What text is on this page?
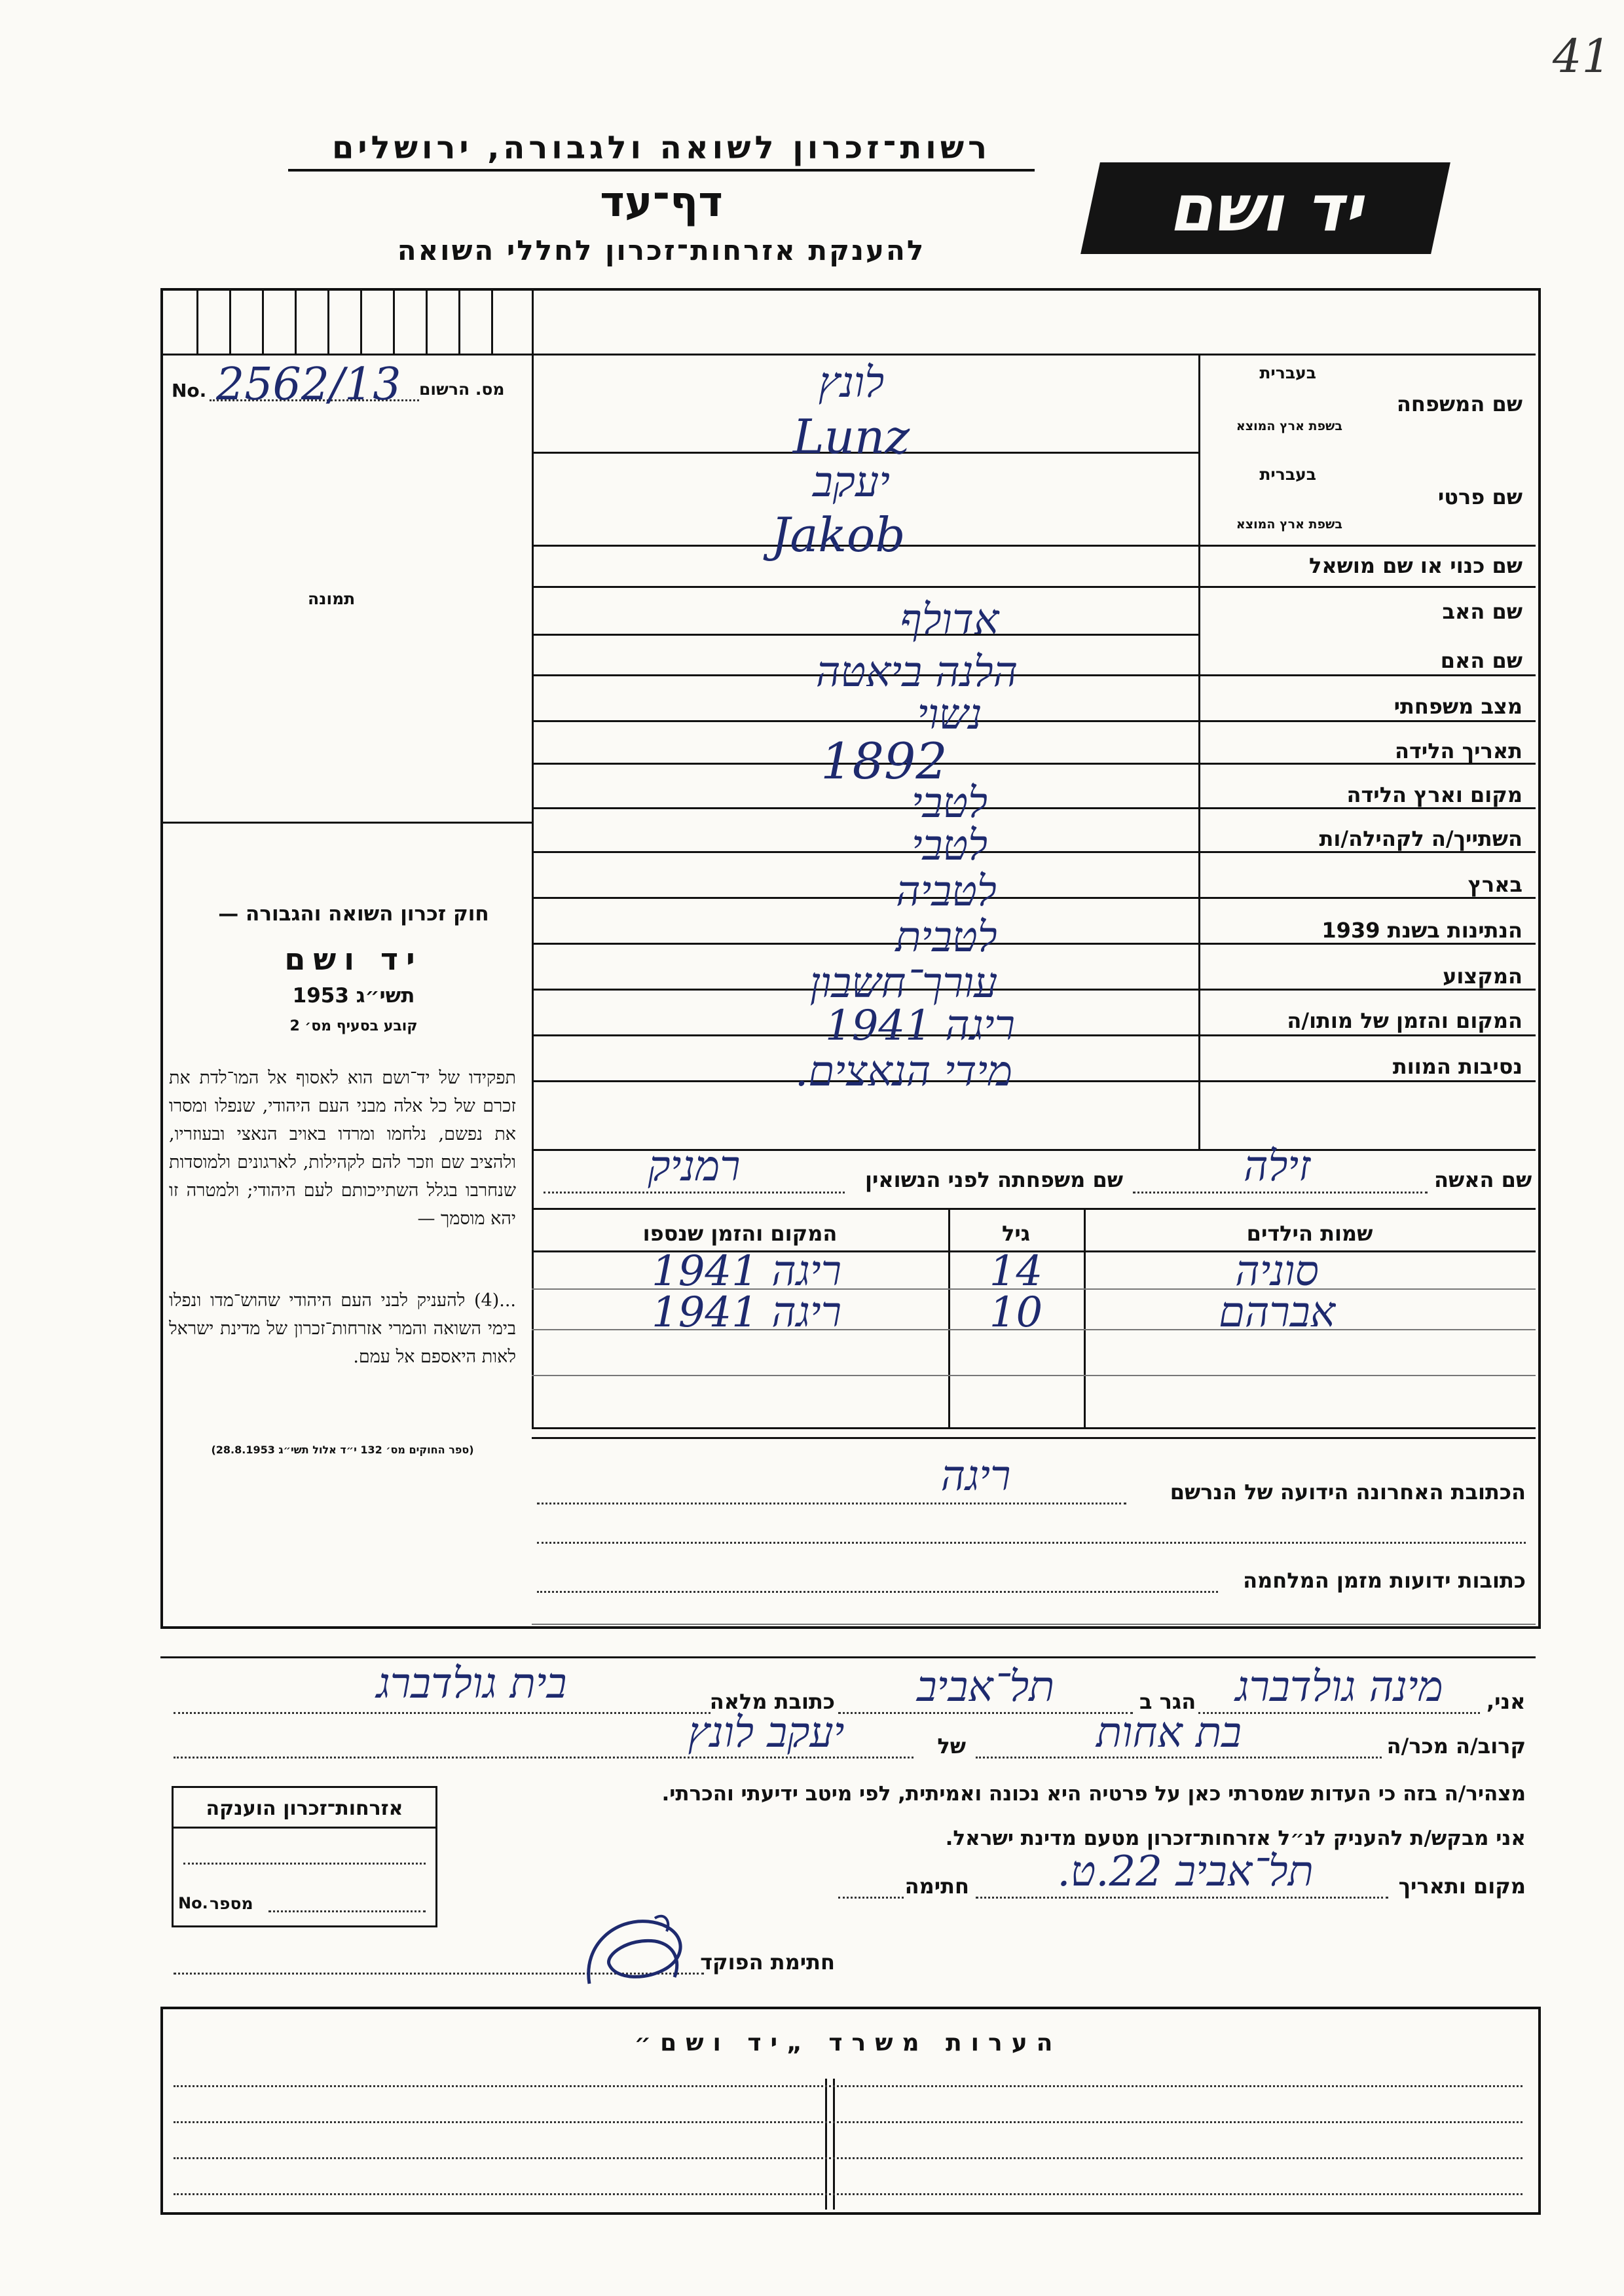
41
רשות־זכרון לשואה ולגבורה, ירושלים
דף־עד
להענקת אזרחות־זכרון לחללי השואה
יד ושם
מס. הרשום
No. 2562/13
תמונה
חוק זכרון השואה והגבורה —
יד ושם
תשי״ג 1953
קובע בסעיף מס׳ 2
תפקידו של יד־ושם הוא לאסוף אל המו־לדת את זכרם של כל אלה מבני העם היהודי, שנפלו ומסרו את נפשם, נלחמו ומרדו באויב הנאצי ובעוזריו, ולהציב שם וזכר להם לקהילות, לארגונים ולמוסדות שנחרבו בגלל השתייכותם לעם היהודי; ולמטרה זו יהא מוסמך —
...(4) להעניק לבני העם היהודי שהוש־מדו ונפלו בימי השואה והמרי אזרחות־זכרון של מדינת ישראל לאות היאספם אל עמם.
(ספר החוקים מס׳ 132 י״ד אלול תשי״ג 28.8.1953)
שם המשפחה
בעברית
בשפת ארץ המוצא
לונץ
Lunz
שם פרטי
בעברית
בשפת ארץ המוצא
יעקב
Jakob
שם כנוי או שם מושאל
שם האב
אדולף
שם האם
הלנה ביאטה
מצב משפחתי
נשוי
תאריך הלידה
1892
מקום וארץ הלידה
לטבי
השתייך/ה לקהילה/ות
לטבי
בארץ
לטביה
הנתינות בשנת 1939
לטבית
המקצוע
עורך־חשבון
המקום והזמן של מותו/ה
ריגה 1941
נסיבות המוות
מידי הנאצים.
שם האשה
זילה
שם משפחתה לפני הנשואין
רמניק
שמות הילדים
גיל
המקום והזמן שנספו
סוניה
14
ריגה 1941
אברהם
10
ריגה 1941
הכתובת האחרונה הידועה של הנרשם
ריגה
כתובות ידועות מזמן המלחמה
אני,
מינה גולדברג
הגר ב
תל־אביב
כתובת מלאה
בית גולדברג
קרוב/ה מכר/ה
בת אחות
של
יעקב לונץ
מצהיר/ה בזה כי העדות שמסרתי כאן על פרטיה היא נכונה ואמיתית, לפי מיטב ידיעתי והכרתי.
אני מבקש/ת להעניק לנ״ל אזרחות־זכרון מטעם מדינת ישראל.
מקום ותאריך
תל־אביב 22.ט.
חתימה
חתימת הפוקד
אזרחות־זכרון הוענקה
מספר
No.
הערות משרד „יד ושם״
